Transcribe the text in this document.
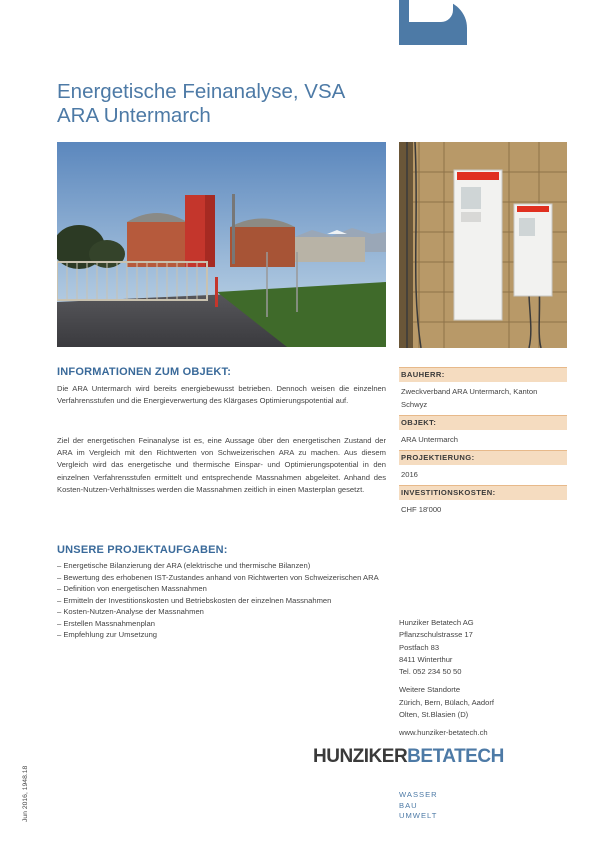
Energetische Feinanalyse, VSA
ARA Untermarch
INFORMATIONEN ZUM OBJEKT:
Die ARA Untermarch wird bereits energiebewusst betrieben. Dennoch weisen die einzelnen Verfahrensstufen und die Energieverwertung des Klärgases Optimierungspotential auf.
Ziel der energetischen Feinanalyse ist es, eine Aussage über den energetischen Zustand der ARA im Vergleich mit den Richtwerten von Schweizerischen ARA zu machen. Aus diesem Vergleich wird das energetische und thermische Einspar- und Optimierungspotential in den einzelnen Verfahrensstufen ermittelt und entsprechende Massnahmen abgeleitet. Anhand des Kosten-Nutzen-Verhältnisses werden die Massnahmen zeitlich in einen Masterplan gesetzt.
UNSERE PROJEKTAUFGABEN:
– Energetische Bilanzierung der ARA (elektrische und thermische Bilanzen)
– Bewertung des erhobenen IST-Zustandes anhand von Richtwerten von Schweizerischen ARA
– Definition von energetischen Massnahmen
– Ermitteln der Investitionskosten und Betriebskosten der einzelnen Massnahmen
– Kosten-Nutzen-Analyse der Massnahmen
– Erstellen Massnahmenplan
– Empfehlung zur Umsetzung
BAUHERR:
Zweckverband ARA Untermarch, Kanton Schwyz
OBJEKT:
ARA Untermarch
PROJEKTIERUNG:
2016
INVESTITIONSKOSTEN:
CHF 18'000
Hunziker Betatech AG
Pflanzschulstrasse 17
Postfach 83
8411 Winterthur
Tel. 052 234 50 50
Weitere Standorte
Zürich, Bern, Bülach, Aadorf
Olten, St.Blasien (D)
www.hunziker-betatech.ch
HUNZIKERBETATECH
WASSER
BAU
UMWELT
Jun 2016, 1948.18
